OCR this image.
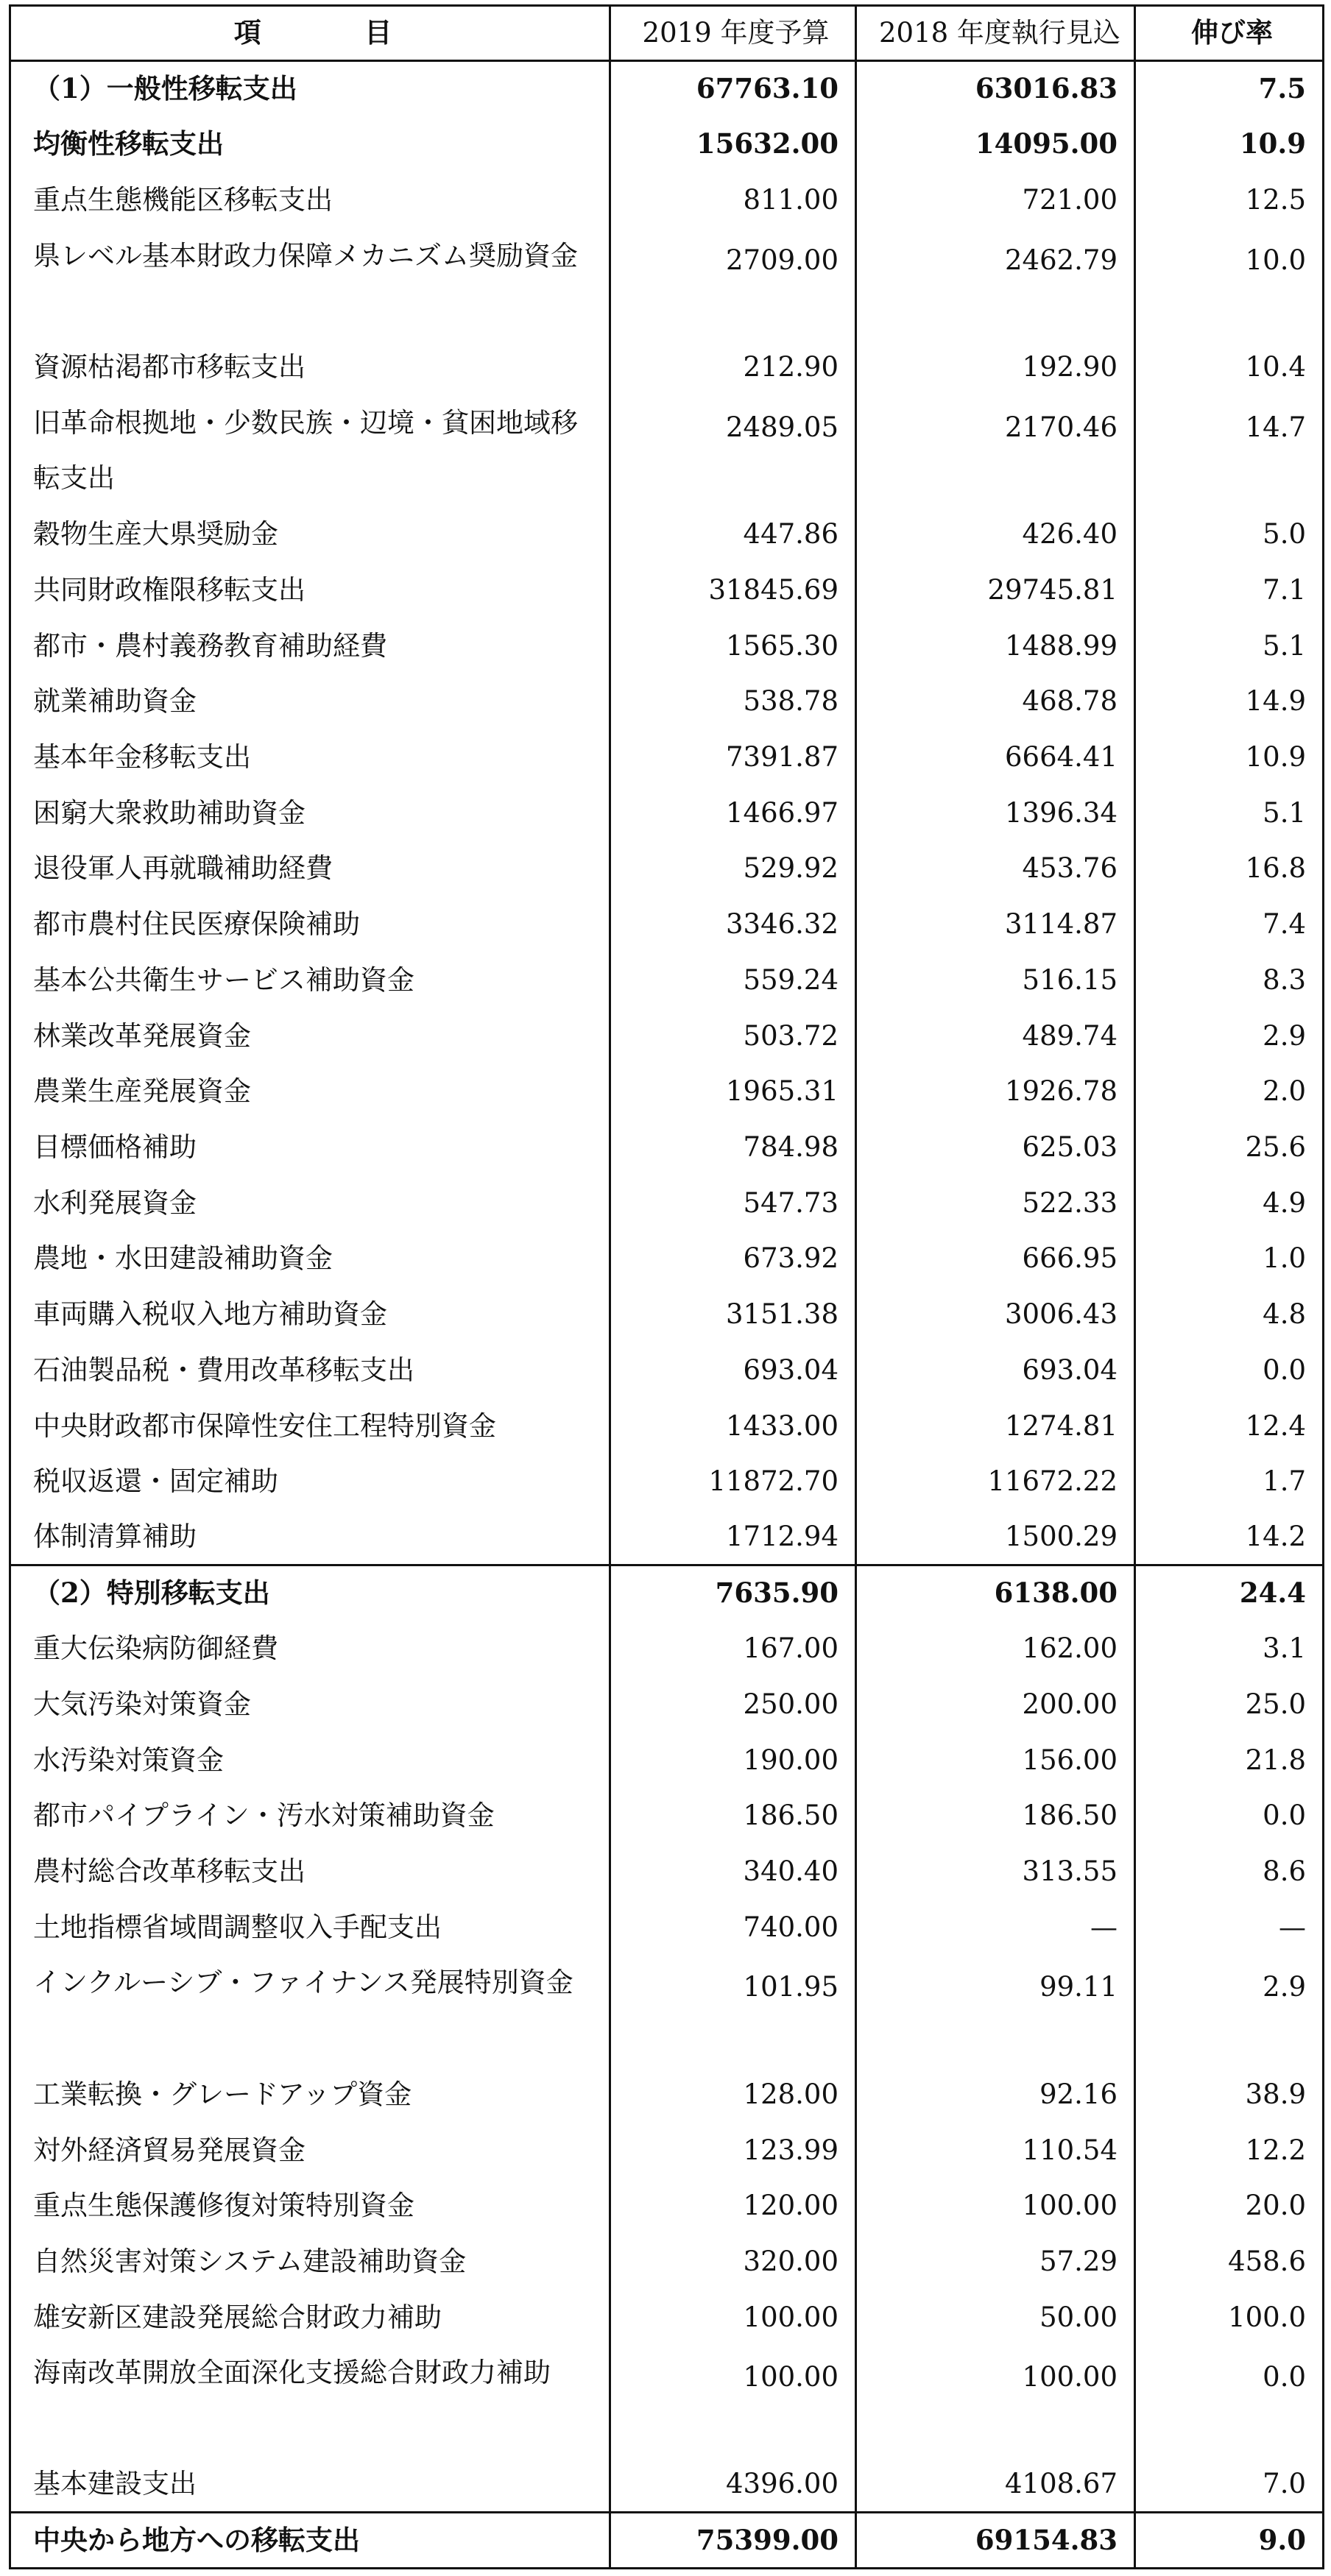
項　目	2019 年度予算	2018 年度執行見込	伸び率
（1）一般性移転支出	67763.10	63016.83	7.5
均衡性移転支出	15632.00	14095.00	10.9
重点生態機能区移転支出	811.00	721.00	12.5
県レベル基本財政力保障メカニズム奨励資金	2709.00	2462.79	10.0
資源枯渇都市移転支出	212.90	192.90	10.4
旧革命根拠地・少数民族・辺境・貧困地域移転支出	2489.05	2170.46	14.7
穀物生産大県奨励金	447.86	426.40	5.0
共同財政権限移転支出	31845.69	29745.81	7.1
都市・農村義務教育補助経費	1565.30	1488.99	5.1
就業補助資金	538.78	468.78	14.9
基本年金移転支出	7391.87	6664.41	10.9
困窮大衆救助補助資金	1466.97	1396.34	5.1
退役軍人再就職補助経費	529.92	453.76	16.8
都市農村住民医療保険補助	3346.32	3114.87	7.4
基本公共衛生サービス補助資金	559.24	516.15	8.3
林業改革発展資金	503.72	489.74	2.9
農業生産発展資金	1965.31	1926.78	2.0
目標価格補助	784.98	625.03	25.6
水利発展資金	547.73	522.33	4.9
農地・水田建設補助資金	673.92	666.95	1.0
車両購入税収入地方補助資金	3151.38	3006.43	4.8
石油製品税・費用改革移転支出	693.04	693.04	0.0
中央財政都市保障性安住工程特別資金	1433.00	1274.81	12.4
税収返還・固定補助	11872.70	11672.22	1.7
体制清算補助	1712.94	1500.29	14.2
（2）特別移転支出	7635.90	6138.00	24.4
重大伝染病防御経費	167.00	162.00	3.1
大気汚染対策資金	250.00	200.00	25.0
水汚染対策資金	190.00	156.00	21.8
都市パイプライン・汚水対策補助資金	186.50	186.50	0.0
農村総合改革移転支出	340.40	313.55	8.6
土地指標省域間調整収入手配支出	740.00	—	—
インクルーシブ・ファイナンス発展特別資金	101.95	99.11	2.9
工業転換・グレードアップ資金	128.00	92.16	38.9
対外経済貿易発展資金	123.99	110.54	12.2
重点生態保護修復対策特別資金	120.00	100.00	20.0
自然災害対策システム建設補助資金	320.00	57.29	458.6
雄安新区建設発展総合財政力補助	100.00	50.00	100.0
海南改革開放全面深化支援総合財政力補助	100.00	100.00	0.0
基本建設支出	4396.00	4108.67	7.0
中央から地方への移転支出	75399.00	69154.83	9.0
